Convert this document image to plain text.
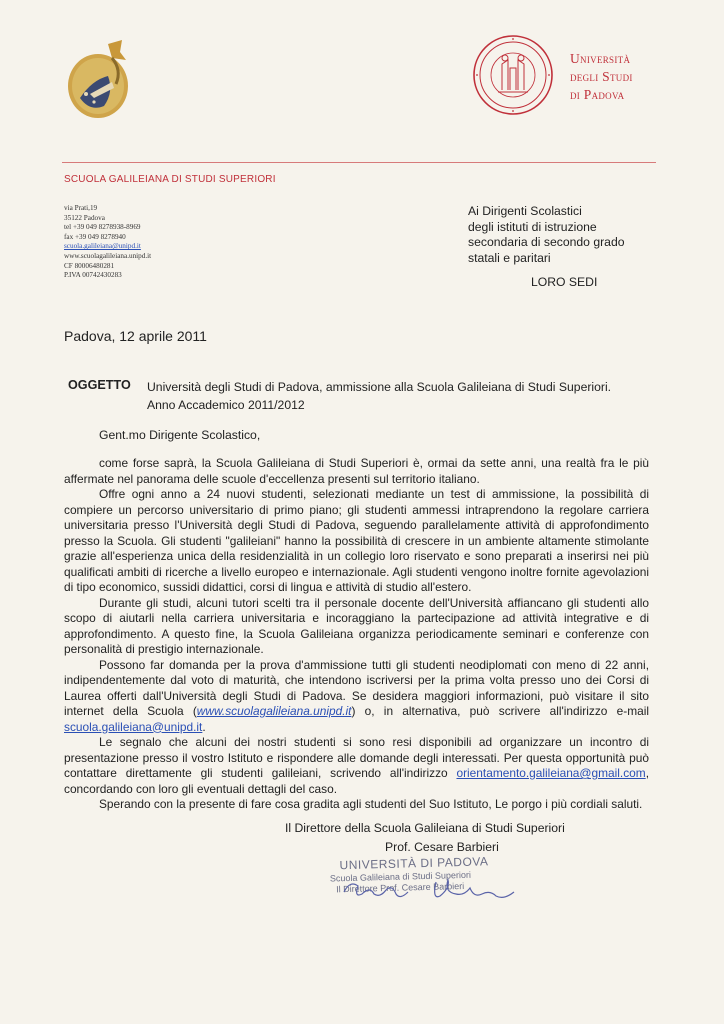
Università
degli Studi
di Padova
SCUOLA GALILEIANA DI STUDI SUPERIORI
via Prati,19
35122 Padova
tel +39 049 8278938-8969
fax +39 049 8278940
scuola.galileiana@unipd.it
www.scuolagalileiana.unipd.it
CF 80006480281
P.IVA 00742430283
Ai Dirigenti Scolastici
degli istituti di istruzione
secondaria di secondo grado
statali e paritari
LORO SEDI
Padova, 12 aprile 2011
OGGETTO Università degli Studi di Padova, ammissione alla Scuola Galileiana di Studi Superiori.
Anno Accademico 2011/2012
Gent.mo Dirigente Scolastico,

come forse saprà, la Scuola Galileiana di Studi Superiori è, ormai da sette anni, una realtà fra le più affermate nel panorama delle scuole d'eccellenza presenti sul territorio italiano.

Offre ogni anno a 24 nuovi studenti, selezionati mediante un test di ammissione, la possibilità di compiere un percorso universitario di primo piano; gli studenti ammessi intraprendono la regolare carriera universitaria presso l'Università degli Studi di Padova, seguendo parallelamente attività di approfondimento presso la Scuola. Gli studenti "galileiani" hanno la possibilità di crescere in un ambiente altamente stimolante grazie all'esperienza unica della residenzialità in un collegio loro riservato e sono preparati a inserirsi nei più qualificati ambiti di ricerche a livello europeo e internazionale. Agli studenti vengono inoltre fornite agevolazioni di tipo economico, sussidi didattici, corsi di lingua e attività di studio all'estero.

Durante gli studi, alcuni tutori scelti tra il personale docente dell'Università affiancano gli studenti allo scopo di aiutarli nella carriera universitaria e incoraggiano la partecipazione ad attività integrative e di approfondimento. A questo fine, la Scuola Galileiana organizza periodicamente seminari e conferenze con personalità di prestigio internazionale.

Possono far domanda per la prova d'ammissione tutti gli studenti neodiplomati con meno di 22 anni, indipendentemente dal voto di maturità, che intendono iscriversi per la prima volta presso uno dei Corsi di Laurea offerti dall'Università degli Studi di Padova. Se desidera maggiori informazioni, può visitare il sito internet della Scuola (www.scuolagalileiana.unipd.it) o, in alternativa, può scrivere all'indirizzo e-mail scuola.galileiana@unipd.it.

Le segnalo che alcuni dei nostri studenti si sono resi disponibili ad organizzare un incontro di presentazione presso il vostro Istituto e rispondere alle domande degli interessati. Per questa opportunità può contattare direttamente gli studenti galileiani, scrivendo all'indirizzo orientamento.galileiana@gmail.com, concordando con loro gli eventuali dettagli del caso.

Sperando con la presente di fare cosa gradita agli studenti del Suo Istituto, Le porgo i più cordiali saluti.

Il Direttore della Scuola Galileiana di Studi Superiori
Prof. Cesare Barbieri
UNIVERSITÀ DI PADOVA
Scuola Galileiana di Studi Superiori
Il Direttore Prof. Cesare Barbieri
